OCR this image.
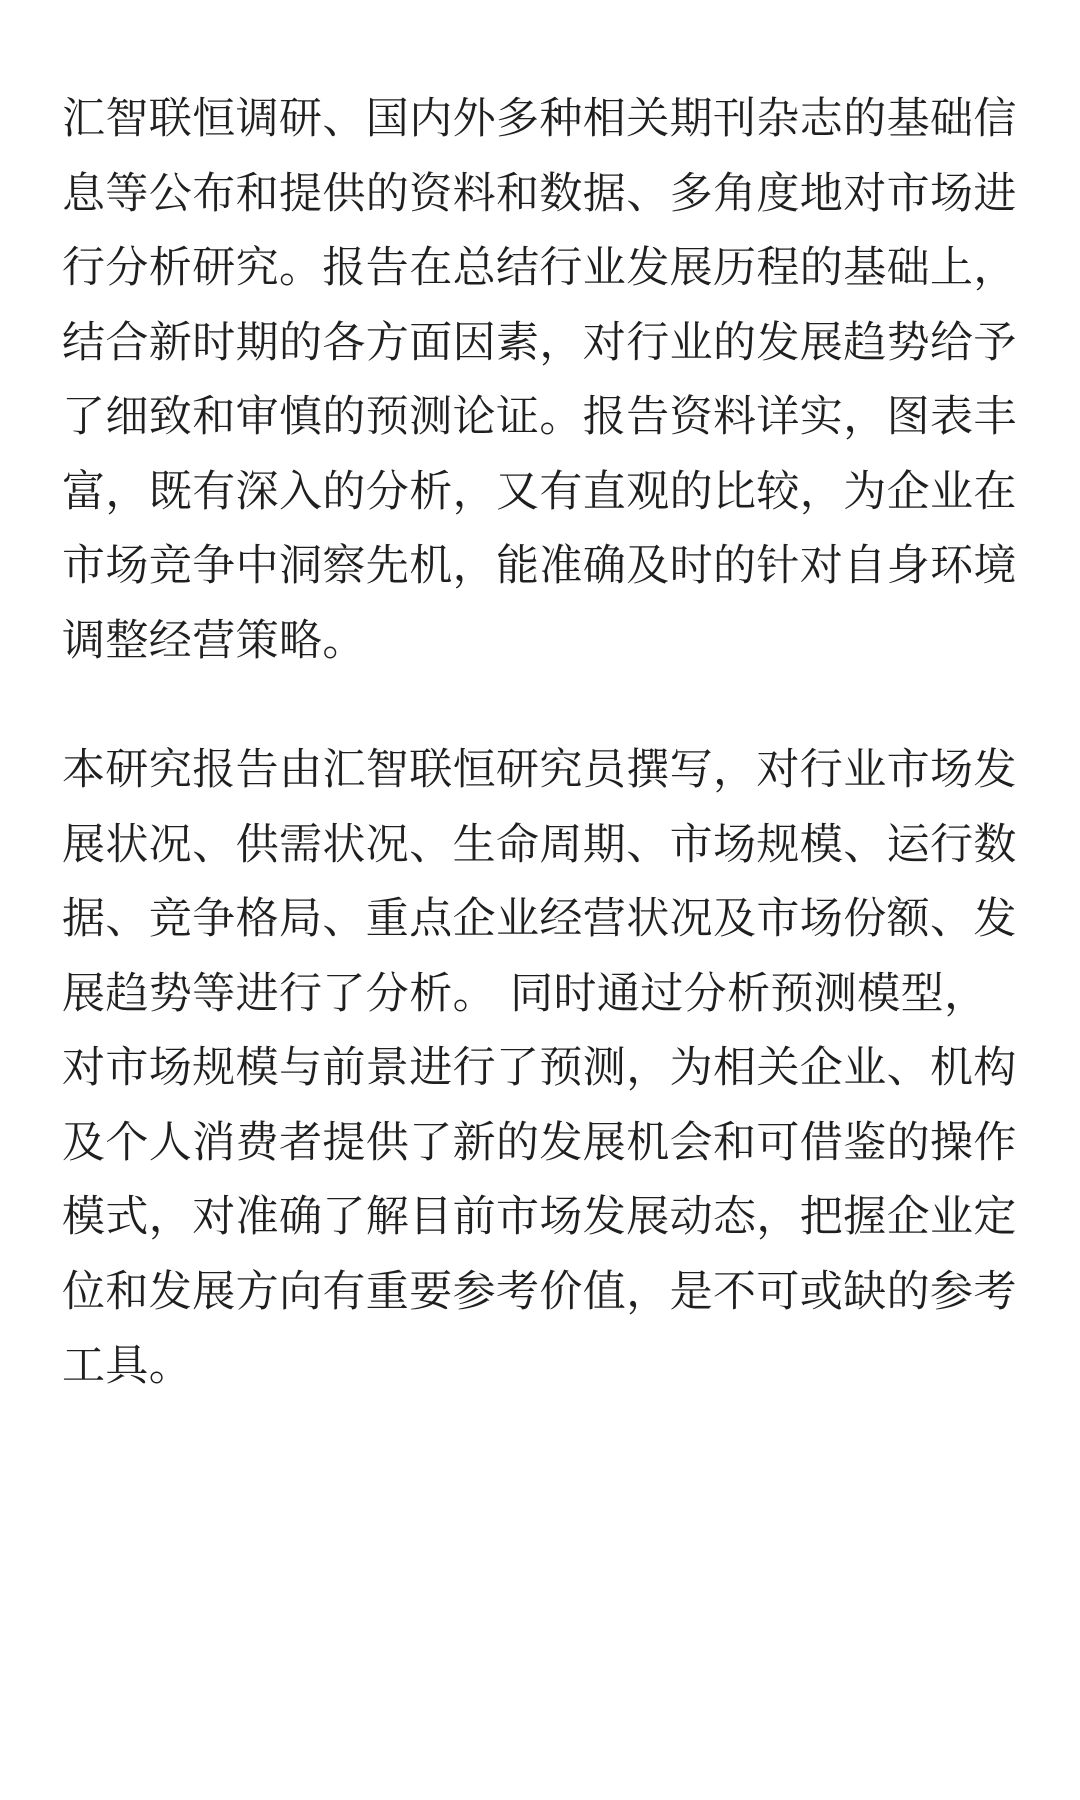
汇智联恒调研、国内外多种相关期刊杂志的基础信息等公布和提供的资料和数据、多角度地对市场进行分析研究。报告在总结行业发展历程的基础上，结合新时期的各方面因素，对行业的发展趋势给予了细致和审慎的预测论证。报告资料详实，图表丰富，既有深入的分析，又有直观的比较，为企业在市场竞争中洞察先机，能准确及时的针对自身环境调整经营策略。

本研究报告由汇智联恒研究员撰写，对行业市场发展状况、供需状况、生命周期、市场规模、运行数据、竞争格局、重点企业经营状况及市场份额、发展趋势等进行了分析。 同时通过分析预测模型，对市场规模与前景进行了预测，为相关企业、机构及个人消费者提供了新的发展机会和可借鉴的操作模式，对准确了解目前市场发展动态，把握企业定位和发展方向有重要参考价值，是不可或缺的参考工具。
